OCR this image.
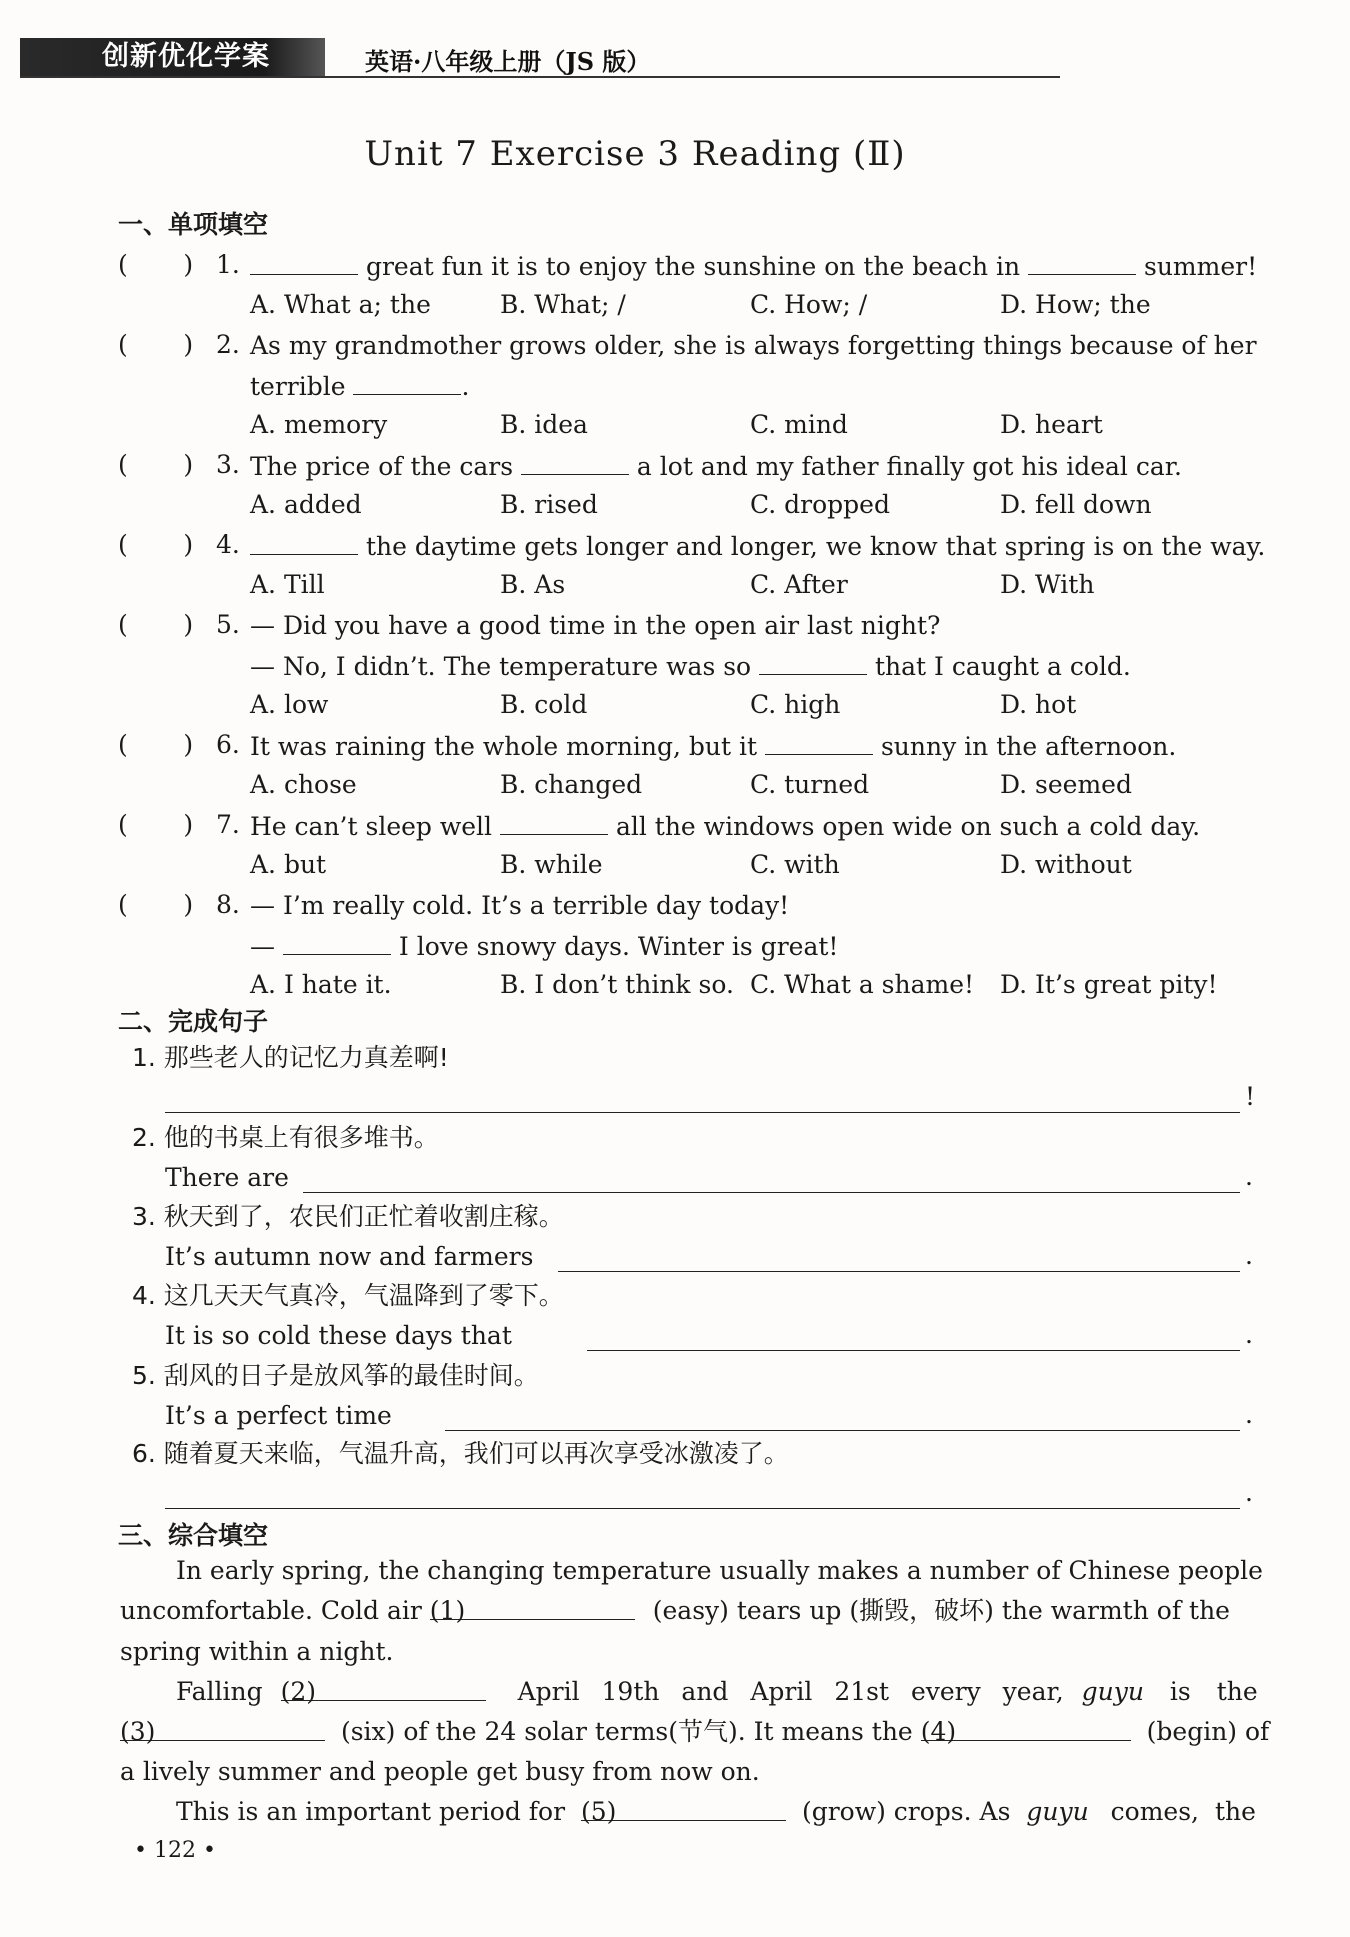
创新优化学案	英语·八年级上册（JS 版）
Unit 7 Exercise 3 Reading (Ⅱ)
一、单项填空
(       ) 1.	great fun it is to enjoy the sunshine on the beach in	summer!
A. What a; the	B. What; /	C. How; /	D. How; the
(       ) 2. As my grandmother grows older, she is always forgetting things because of her
terrible	.
A. memory	B. idea	C. mind	D. heart
(       ) 3. The price of the cars	a lot and my father finally got his ideal car.
A. added	B. rised	C. dropped	D. fell down
(       ) 4.	the daytime gets longer and longer, we know that spring is on the way.
A. Till	B. As	C. After	D. With
(       ) 5. — Did you have a good time in the open air last night?
— No, I didn’t. The temperature was so	that I caught a cold.
A. low	B. cold	C. high	D. hot
(       ) 6. It was raining the whole morning, but it	sunny in the afternoon.
A. chose	B. changed	C. turned	D. seemed
(       ) 7. He can’t sleep well	all the windows open wide on such a cold day.
A. but	B. while	C. with	D. without
(       ) 8. — I’m really cold. It’s a terrible day today!
—	I love snowy days. Winter is great!
A. I hate it.	B. I don’t think so. C. What a shame! D. It’s great pity!
二、完成句子
1. 那些老人的记忆力真差啊!
!
2. 他的书桌上有很多堆书。
There are	.
3. 秋天到了，农民们正忙着收割庄稼。
It’s autumn now and farmers	.
4. 这几天天气真冷，气温降到了零下。
It is so cold these days that	.
5. 刮风的日子是放风筝的最佳时间。
It’s a perfect time	.
6. 随着夏天来临，气温升高，我们可以再次享受冰激凌了。
.
三、综合填空
In early spring, the changing temperature usually makes a number of Chinese people
uncomfortable. Cold air (1)	(easy) tears up (撕毁，破坏) the warmth of the
spring within a night.
Falling (2)	April 19th and April 21st every year, guyu is the
(3)	(six) of the 24 solar terms(节气). It means the (4)	(begin) of
a lively summer and people get busy from now on.
This is an important period for (5)	(grow) crops. As guyu comes, the
• 122 •
